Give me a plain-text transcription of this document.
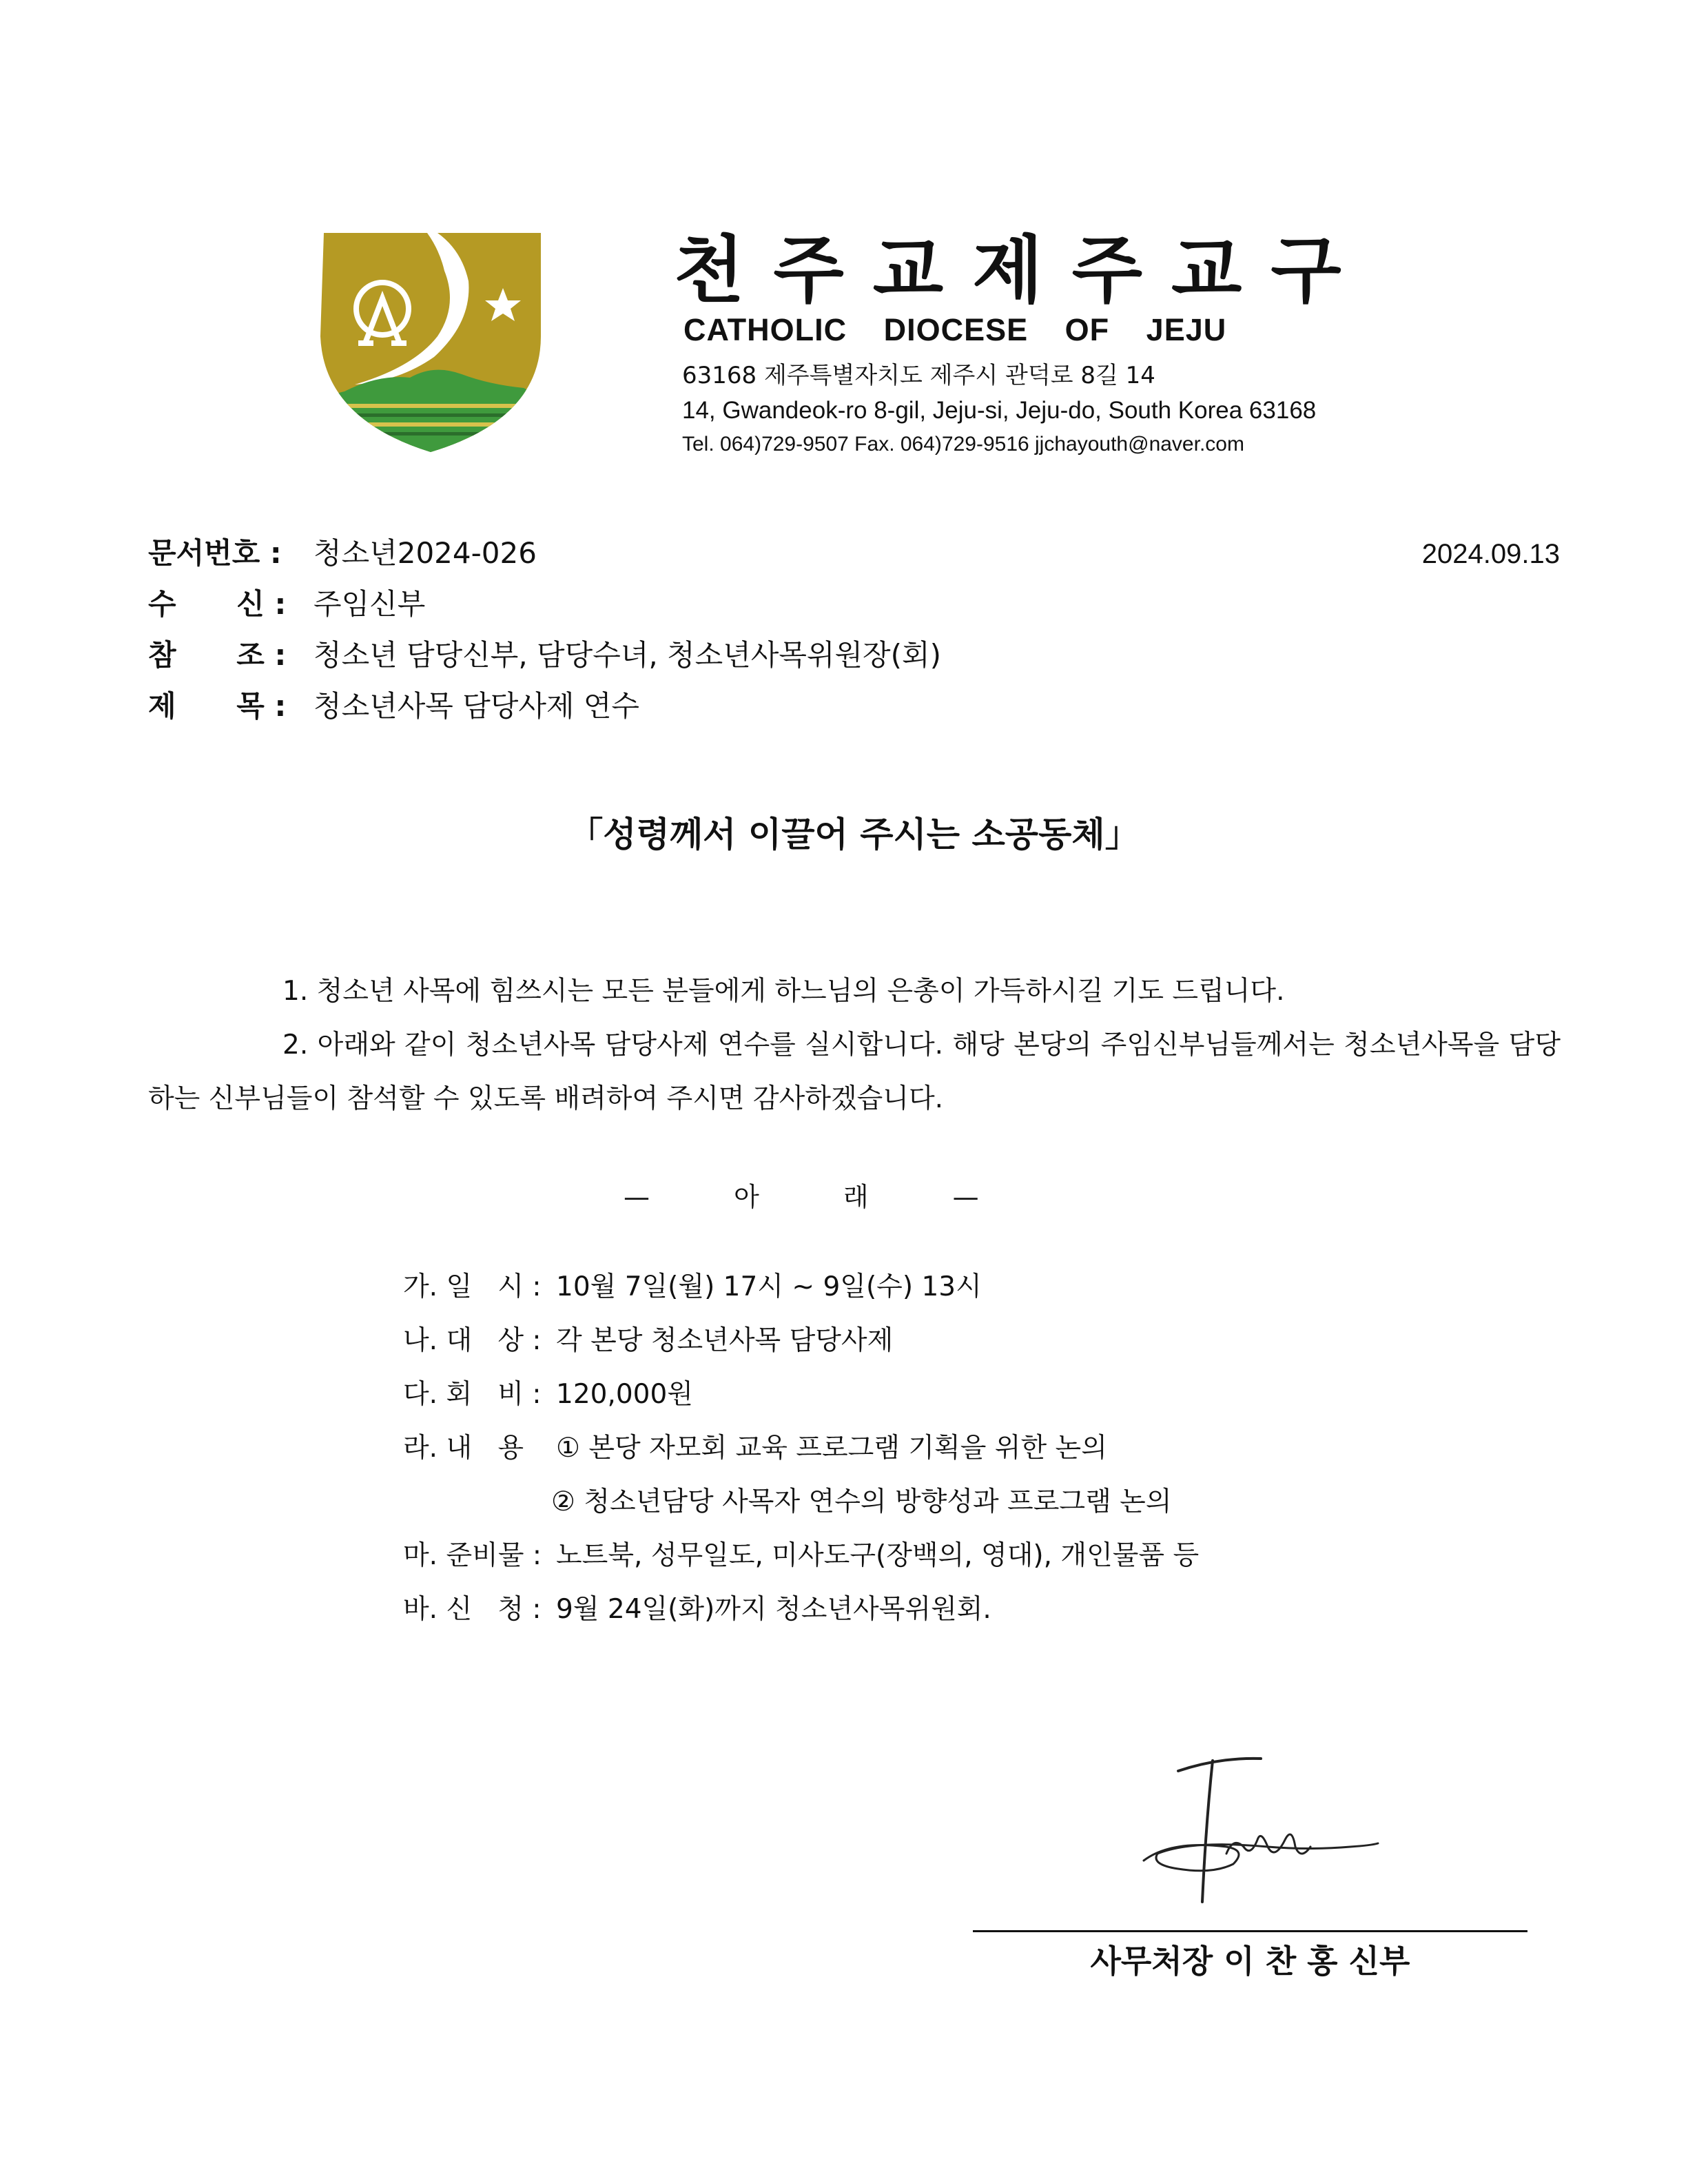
천주교제주교구
CATHOLIC DIOCESE OF JEJU
63168 제주특별자치도 제주시 관덕로 8길 14
14, Gwandeok-ro 8-gil, Jeju-si, Jeju-do, South Korea 63168
Tel. 064)729-9507 Fax. 064)729-9516 jjchayouth@naver.com
문서번호 : 청소년2024-026	2024.09.13
수      신 : 주임신부
참      조 : 청소년 담당신부, 담당수녀, 청소년사목위원장(회)
제      목 : 청소년사목 담당사제 연수
「성령께서 이끌어 주시는 소공동체」
1. 청소년 사목에 힘쓰시는 모든 분들에게 하느님의 은총이 가득하시길 기도 드립니다.
2. 아래와 같이 청소년사목 담당사제 연수를 실시합니다. 해당 본당의 주임신부님들께서는 청소년사목을 담당하는 신부님들이 참석할 수 있도록 배려하여 주시면 감사하겠습니다.
— 아 래 —
가. 일   시 : 10월 7일(월) 17시 ~ 9일(수) 13시
나. 대   상 : 각 본당 청소년사목 담당사제
다. 회   비 : 120,000원
라. 내   용 ① 본당 자모회 교육 프로그램 기획을 위한 논의
② 청소년담당 사목자 연수의 방향성과 프로그램 논의
마. 준비물 : 노트북, 성무일도, 미사도구(장백의, 영대), 개인물품 등
바. 신   청 : 9월 24일(화)까지 청소년사목위원회.
사무처장 이 찬 홍 신부
